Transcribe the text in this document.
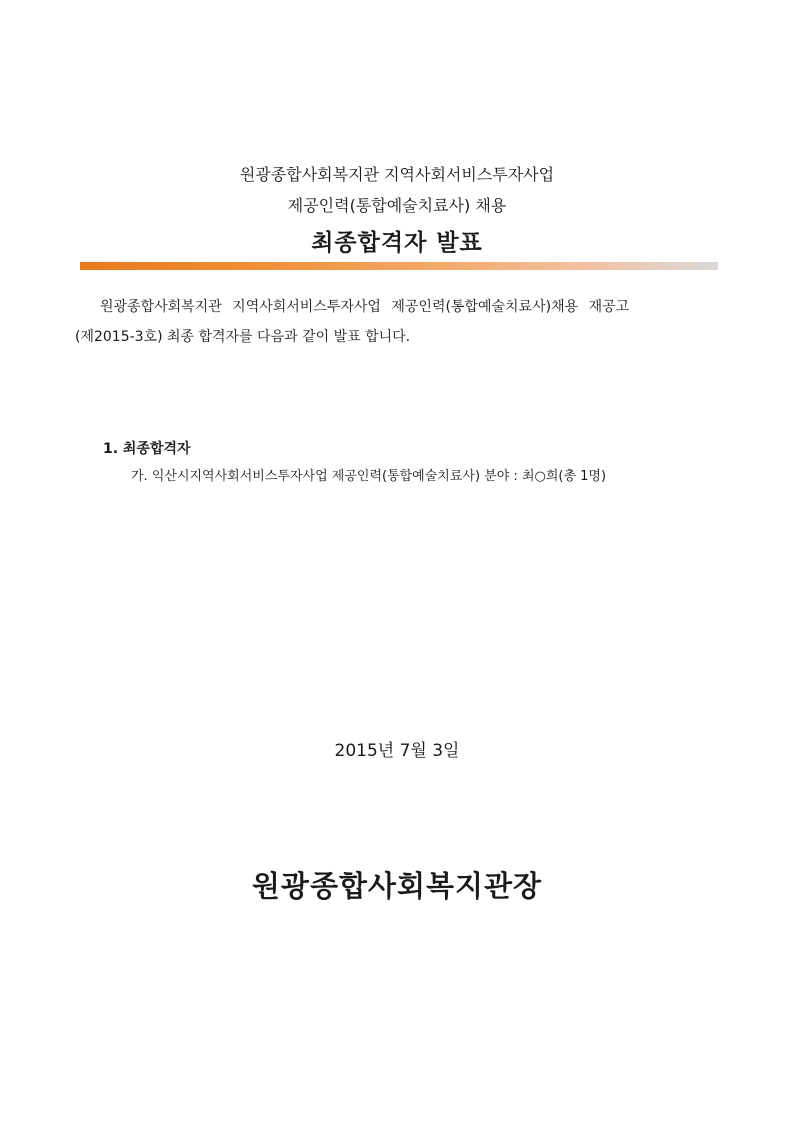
원광종합사회복지관 지역사회서비스투자사업
제공인력(통합예술치료사) 채용
최종합격자 발표
원광종합사회복지관 지역사회서비스투자사업 제공인력(통합예술치료사)채용 재공고
(제2015-3호) 최종 합격자를 다음과 같이 발표 합니다.
1. 최종합격자
가. 익산시지역사회서비스투자사업 제공인력(통합예술치료사) 분야 : 최○희(총 1명)
2015년 7월 3일
원광종합사회복지관장
